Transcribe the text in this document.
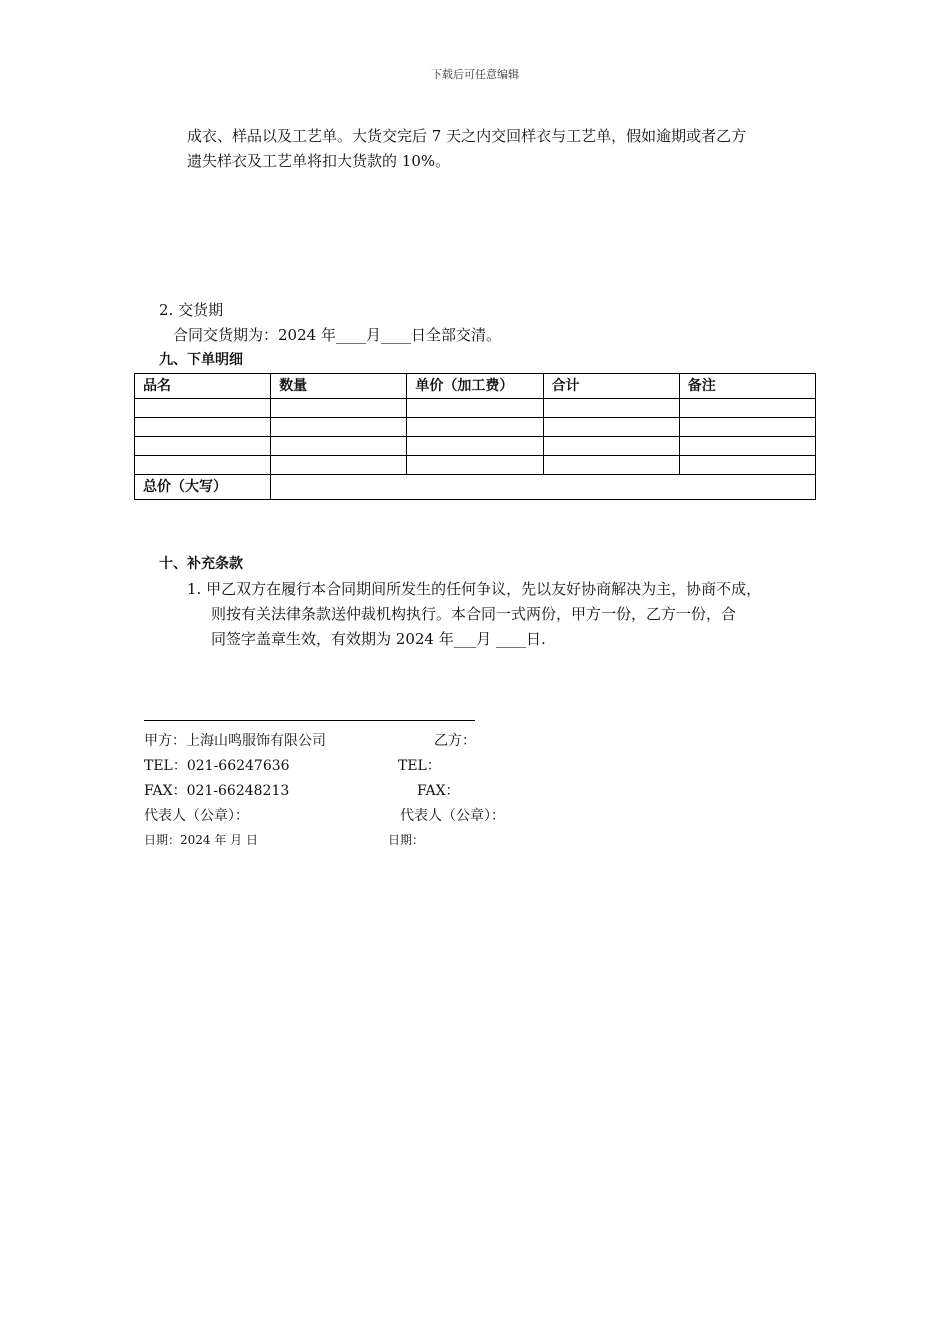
下载后可任意编辑
成衣、样品以及工艺单。大货交完后 7 天之内交回样衣与工艺单，假如逾期或者乙方
遗失样衣及工艺单将扣大货款的 10%。
2. 交货期
合同交货期为：2024 年____月____日全部交清。
九、下单明细
品名	数量	单价（加工费）	合计	备注

总价（大写）				
十、补充条款
1. 甲乙双方在履行本合同期间所发生的任何争议，先以友好协商解决为主，协商不成，
则按有关法律条款送仲裁机构执行。本合同一式两份，甲方一份，乙方一份，合
同签字盖章生效，有效期为 2024 年___月 ____日.
甲方：上海山鸣服饰有限公司	乙方：
TEL：021-66247636	TEL：
FAX：021-66248213	FAX：
代表人（公章）：	代表人（公章）：
日期：2024 年 月 日	日期：
